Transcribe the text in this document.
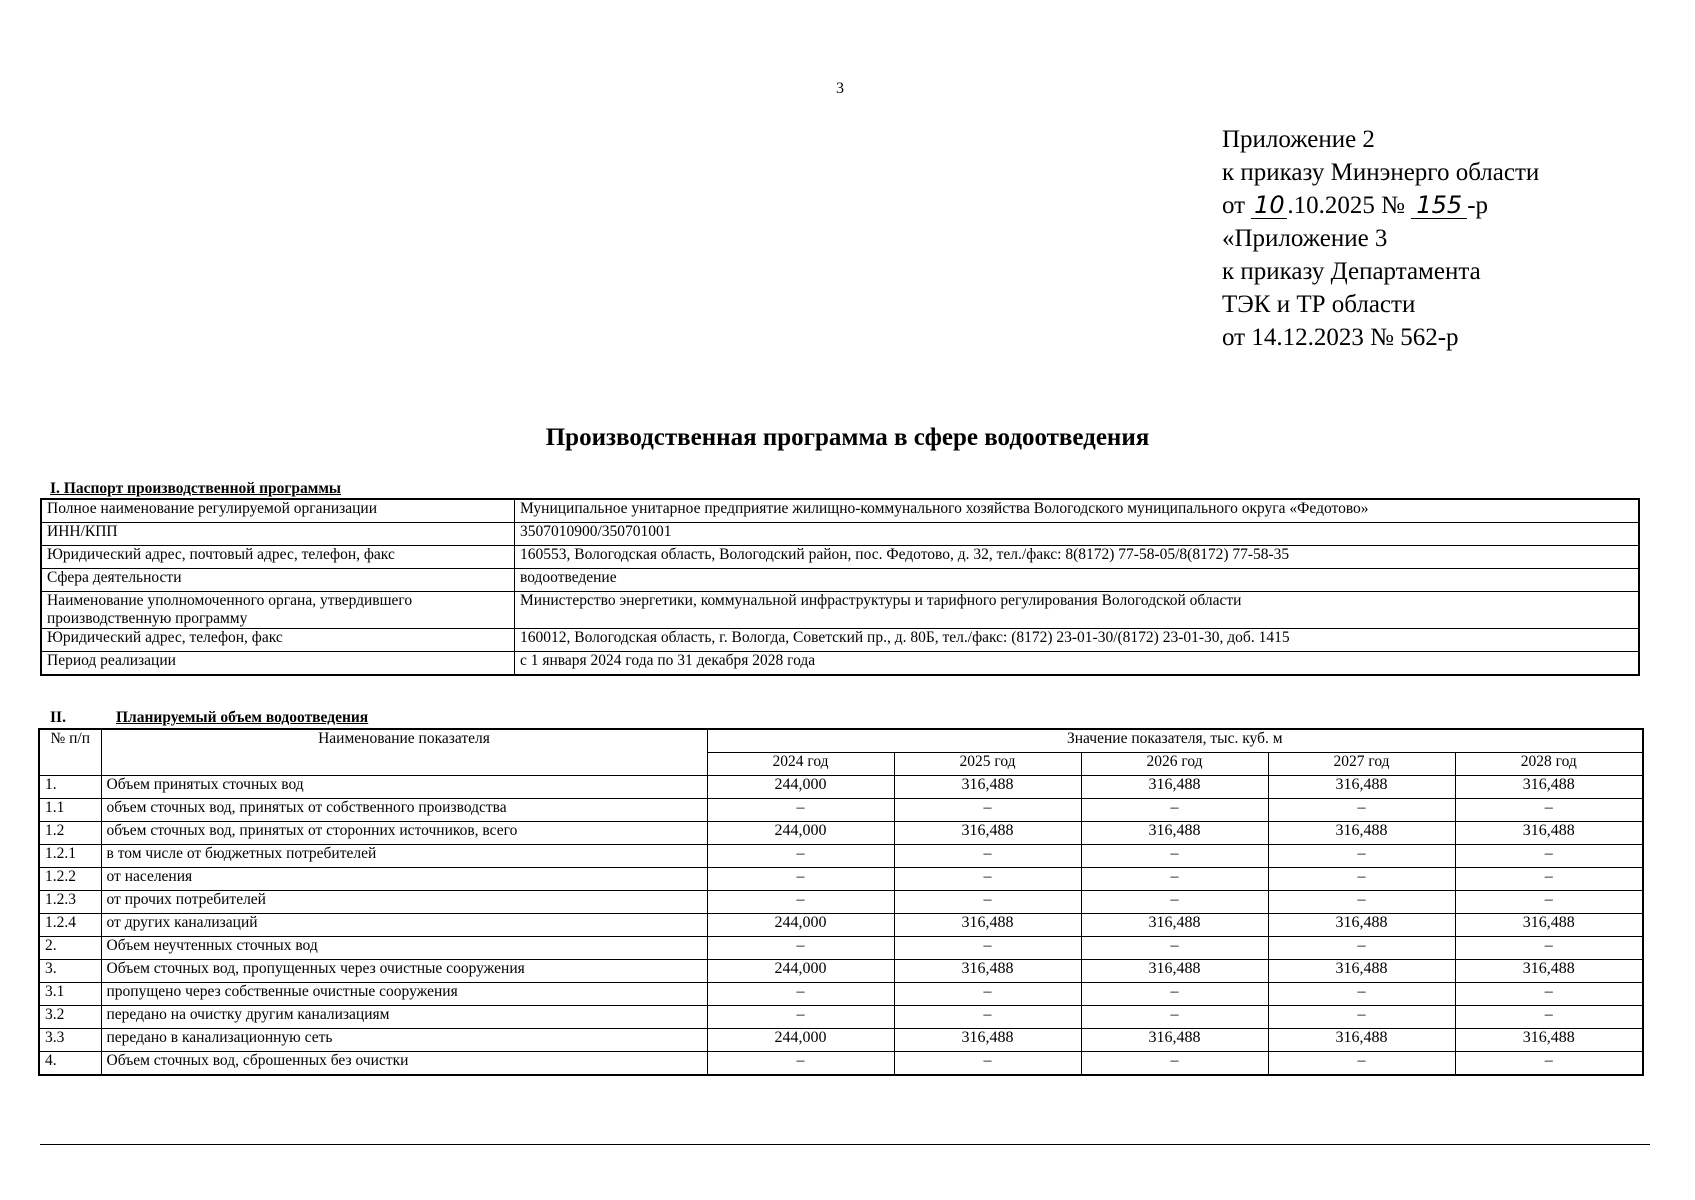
3
Приложение 2
к приказу Минэнерго области
от 10 .10.2025 № 155 -р
«Приложение 3
к приказу Департамента
ТЭК и ТР области
от 14.12.2023 № 562-р
Производственная программа в сфере водоотведения
I. Паспорт производственной программы
Полное наименование регулируемой организации	Муниципальное унитарное предприятие жилищно-коммунального хозяйства Вологодского муниципального округа «Федотово»
ИНН/КПП	3507010900/350701001
Юридический адрес, почтовый адрес, телефон, факс	160553, Вологодская область, Вологодский район, пос. Федотово, д. 32, тел./факс: 8(8172) 77-58-05/8(8172) 77-58-35
Сфера деятельности	водоотведение
Наименование уполномоченного органа, утвердившего производственную программу	Министерство энергетики, коммунальной инфраструктуры и тарифного регулирования Вологодской области
Юридический адрес, телефон, факс	160012, Вологодская область, г. Вологда, Советский пр., д. 80Б, тел./факс: (8172) 23-01-30/(8172) 23-01-30, доб. 1415
Период реализации	с 1 января 2024 года по 31 декабря 2028 года
II.	Планируемый объем водоотведения
№ п/п	Наименование показателя	Значение показателя, тыс. куб. м				
		2024 год	2025 год	2026 год	2027 год	2028 год
1.	Объем принятых сточных вод	244,000	316,488	316,488	316,488	316,488
1.1	объем сточных вод, принятых от собственного производства	–	–	–	–	–
1.2	объем сточных вод, принятых от сторонних источников, всего	244,000	316,488	316,488	316,488	316,488
1.2.1	в том числе от бюджетных потребителей	–	–	–	–	–
1.2.2	от населения	–	–	–	–	–
1.2.3	от прочих потребителей	–	–	–	–	–
1.2.4	от других канализаций	244,000	316,488	316,488	316,488	316,488
2.	Объем неучтенных сточных вод	–	–	–	–	–
3.	Объем сточных вод, пропущенных через очистные сооружения	244,000	316,488	316,488	316,488	316,488
3.1	пропущено через собственные очистные сооружения	–	–	–	–	–
3.2	передано на очистку другим канализациям	–	–	–	–	–
3.3	передано в канализационную сеть	244,000	316,488	316,488	316,488	316,488
4.	Объем сточных вод, сброшенных без очистки	–	–	–	–	–
